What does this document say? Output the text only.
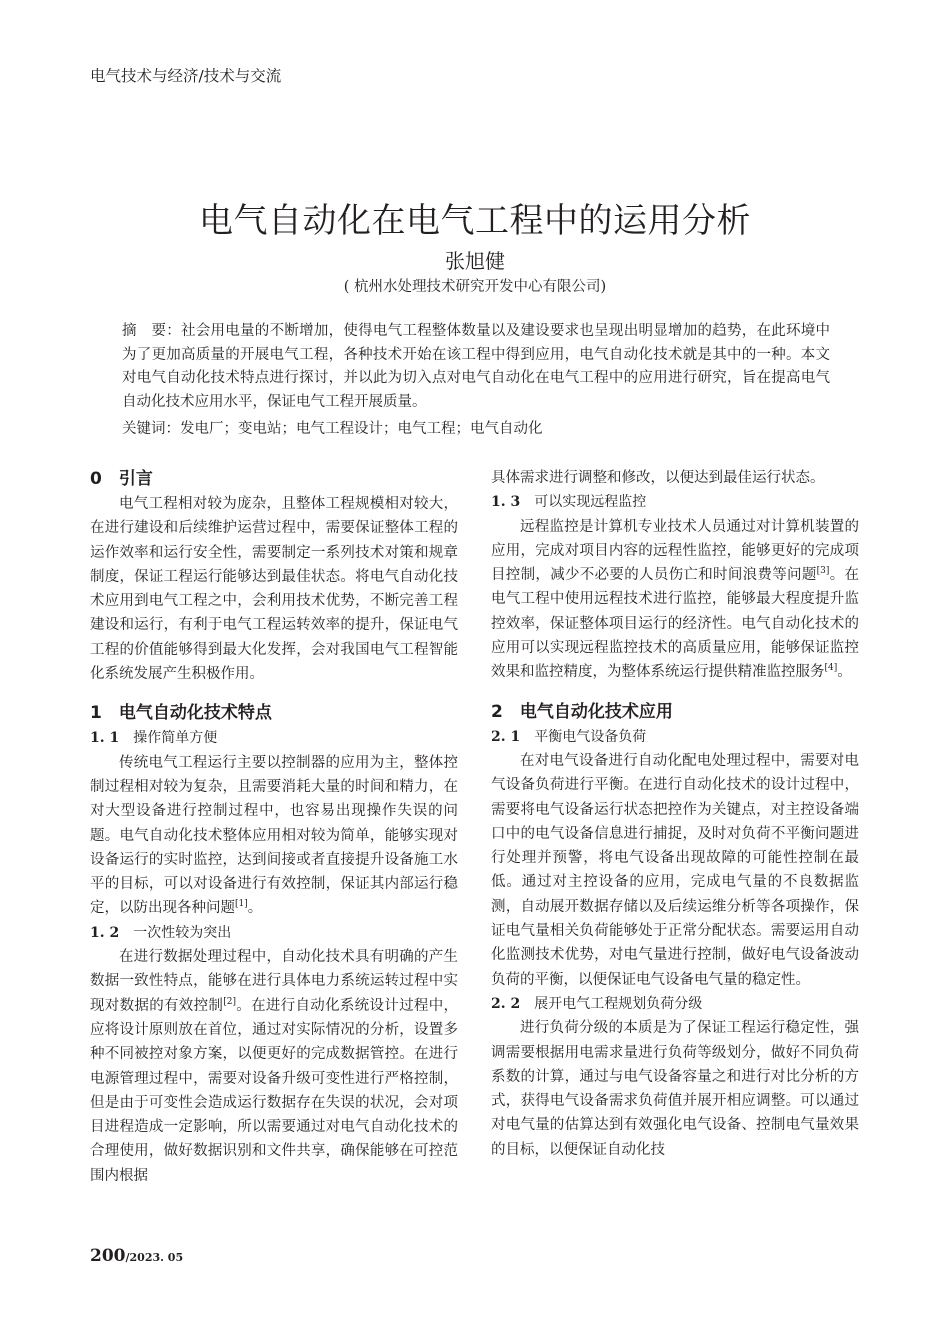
电气技术与经济/技术与交流
电气自动化在电气工程中的运用分析
张旭健
( 杭州水处理技术研究开发中心有限公司)
摘　要：社会用电量的不断增加，使得电气工程整体数量以及建设要求也呈现出明显增加的趋势，在此环境中为了更加高质量的开展电气工程，各种技术开始在该工程中得到应用，电气自动化技术就是其中的一种。本文对电气自动化技术特点进行探讨，并以此为切入点对电气自动化在电气工程中的应用进行研究，旨在提高电气自动化技术应用水平，保证电气工程开展质量。
关键词：发电厂；变电站；电气工程设计；电气工程；电气自动化
0　引言

电气工程相对较为庞杂，且整体工程规模相对较大，在进行建设和后续维护运营过程中，需要保证整体工程的运作效率和运行安全性，需要制定一系列技术对策和规章制度，保证工程运行能够达到最佳状态。将电气自动化技术应用到电气工程之中，会利用技术优势，不断完善工程建设和运行，有利于电气工程运转效率的提升，保证电气工程的价值能够得到最大化发挥，会对我国电气工程智能化系统发展产生积极作用。

1　电气自动化技术特点
1. 1　 操作简单方便

传统电气工程运行主要以控制器的应用为主，整体控制过程相对较为复杂，且需要消耗大量的时间和精力，在对大型设备进行控制过程中，也容易出现操作失误的问题。电气自动化技术整体应用相对较为简单，能够实现对设备运行的实时监控，达到间接或者直接提升设备施工水平的目标，可以对设备进行有效控制，保证其内部运行稳定，以防出现各种问题[1]。

1. 2　 一次性较为突出

在进行数据处理过程中，自动化技术具有明确的产生数据一致性特点，能够在进行具体电力系统运转过程中实现对数据的有效控制[2]。在进行自动化系统设计过程中，应将设计原则放在首位，通过对实际情况的分析，设置多种不同被控对象方案，以便更好的完成数据管控。在进行电源管理过程中，需要对设备升级可变性进行严格控制，但是由于可变性会造成运行数据存在失误的状况，会对项目进程造成一定影响，所以需要通过对电气自动化技术的合理使用，做好数据识别和文件共享，确保能够在可控范围内根据

具体需求进行调整和修改，以便达到最佳运行状态。

1. 3　 可以实现远程监控

远程监控是计算机专业技术人员通过对计算机装置的应用，完成对项目内容的远程性监控，能够更好的完成项目控制，减少不必要的人员伤亡和时间浪费等问题[3]。在电气工程中使用远程技术进行监控，能够最大程度提升监控效率，保证整体项目运行的经济性。电气自动化技术的应用可以实现远程监控技术的高质量应用，能够保证监控效果和监控精度，为整体系统运行提供精准监控服务[4]。

2　电气自动化技术应用
2. 1　 平衡电气设备负荷

在对电气设备进行自动化配电处理过程中，需要对电气设备负荷进行平衡。在进行自动化技术的设计过程中，需要将电气设备运行状态把控作为关键点，对主控设备端口中的电气设备信息进行捕捉，及时对负荷不平衡问题进行处理并预警，将电气设备出现故障的可能性控制在最低。通过对主控设备的应用，完成电气量的不良数据监测，自动展开数据存储以及后续运维分析等各项操作，保证电气量相关负荷能够处于正常分配状态。需要运用自动化监测技术优势，对电气量进行控制，做好电气设备波动负荷的平衡，以便保证电气设备电气量的稳定性。

2. 2　 展开电气工程规划负荷分级

进行负荷分级的本质是为了保证工程运行稳定性，强调需要根据用电需求量进行负荷等级划分，做好不同负荷系数的计算，通过与电气设备容量之和进行对比分析的方式，获得电气设备需求负荷值并展开相应调整。可以通过对电气量的估算达到有效强化电气设备、控制电气量效果的目标，以便保证自动化技

200/2023. 05
